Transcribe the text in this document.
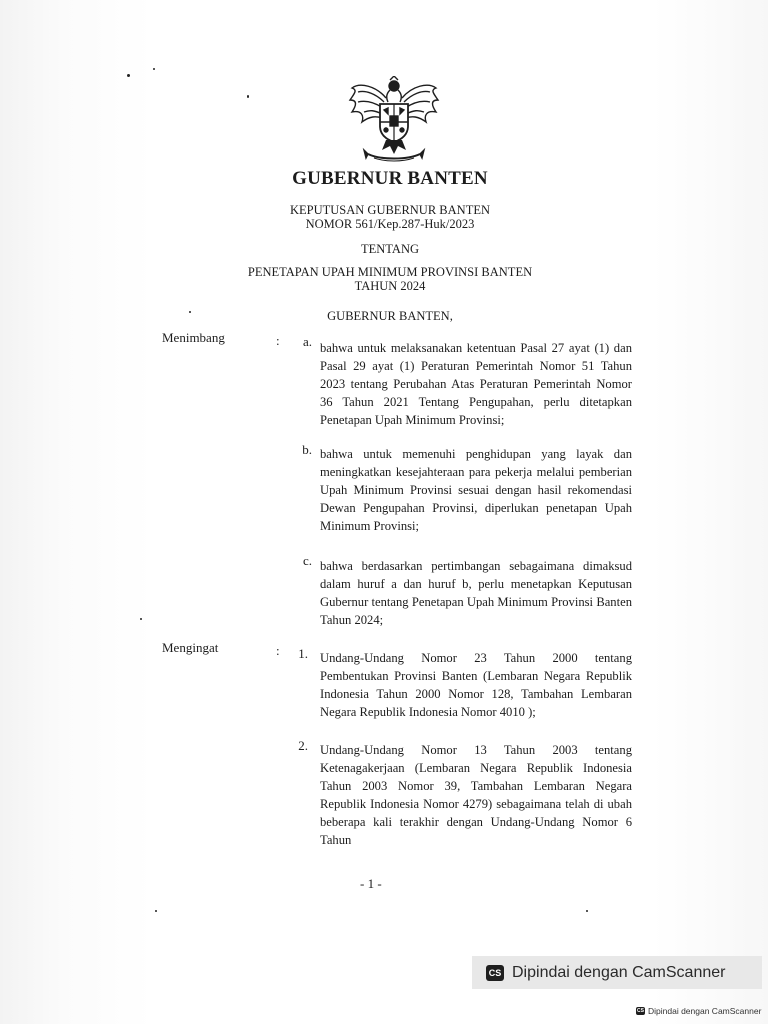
GUBERNUR BANTEN
KEPUTUSAN GUBERNUR BANTEN
NOMOR 561/Kep.287-Huk/2023
TENTANG
PENETAPAN UPAH MINIMUM PROVINSI BANTEN
TAHUN 2024
GUBERNUR BANTEN,
Menimbang	:	a. bahwa untuk melaksanakan ketentuan Pasal 27 ayat (1) dan Pasal 29 ayat (1) Peraturan Pemerintah Nomor 51 Tahun 2023 tentang Perubahan Atas Peraturan Pemerintah Nomor 36 Tahun 2021 Tentang Pengupahan, perlu ditetapkan Penetapan Upah Minimum Provinsi;
b. bahwa untuk memenuhi penghidupan yang layak dan meningkatkan kesejahteraan para pekerja melalui pemberian Upah Minimum Provinsi sesuai dengan hasil rekomendasi Dewan Pengupahan Provinsi, diperlukan penetapan Upah Minimum Provinsi;
c. bahwa berdasarkan pertimbangan sebagaimana dimaksud dalam huruf a dan huruf b, perlu menetapkan Keputusan Gubernur tentang Penetapan Upah Minimum Provinsi Banten Tahun 2024;
Mengingat	:	1. Undang-Undang Nomor 23 Tahun 2000 tentang Pembentukan Provinsi Banten (Lembaran Negara Republik Indonesia Tahun 2000 Nomor 128, Tambahan Lembaran Negara Republik Indonesia Nomor 4010 );
2. Undang-Undang Nomor 13 Tahun 2003 tentang Ketenagakerjaan (Lembaran Negara Republik Indonesia Tahun 2003 Nomor 39, Tambahan Lembaran Negara Republik Indonesia Nomor 4279) sebagaimana telah di ubah beberapa kali terakhir dengan Undang-Undang Nomor 6 Tahun
- 1 -
CS Dipindai dengan CamScanner
CS Dipindai dengan CamScanner
